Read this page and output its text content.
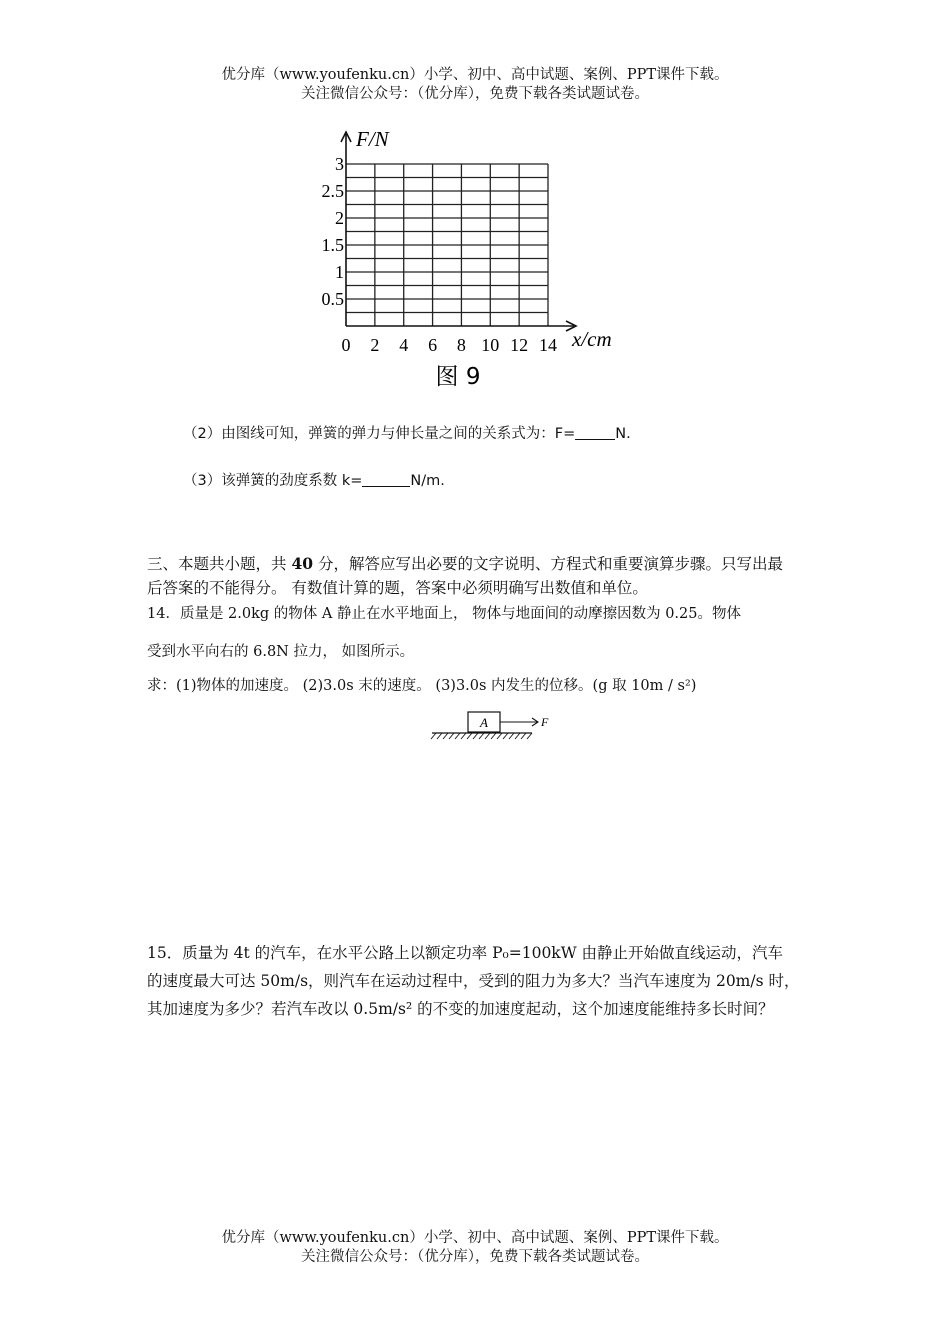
优分库（www.youfenku.cn）小学、初中、高中试题、案例、PPT课件下载。
关注微信公众号：（优分库），免费下载各类试题试卷。
0 2 4 6 8 10 12 14
0.5
1
1.5
2
2.5
3
F/N
x/cm
图 9
（2）由图线可知，弹簧的弹力与伸长量之间的关系式为：F=	N.
（3）该弹簧的劲度系数 k=	N/m.
三、本题共小题，共 40 分，解答应写出必要的文字说明、方程式和重要演算步骤。只写出最
后答案的不能得分。 有数值计算的题，答案中必须明确写出数值和单位。
14．质量是 2.0kg 的物体 A 静止在水平地面上， 物体与地面间的动摩擦因数为 0.25。物体
受到水平向右的 6.8N 拉力， 如图所示。
求：(1)物体的加速度。 (2)3.0s 末的速度。 (3)3.0s 内发生的位移。(g 取 10m / s²)
A	F
15．质量为 4t 的汽车，在水平公路上以额定功率 P₀=100kW 由静止开始做直线运动，汽车
的速度最大可达 50m/s，则汽车在运动过程中，受到的阻力为多大？当汽车速度为 20m/s 时，
其加速度为多少？若汽车改以 0.5m/s² 的不变的加速度起动，这个加速度能维持多长时间？
优分库（www.youfenku.cn）小学、初中、高中试题、案例、PPT课件下载。
关注微信公众号：（优分库），免费下载各类试题试卷。
